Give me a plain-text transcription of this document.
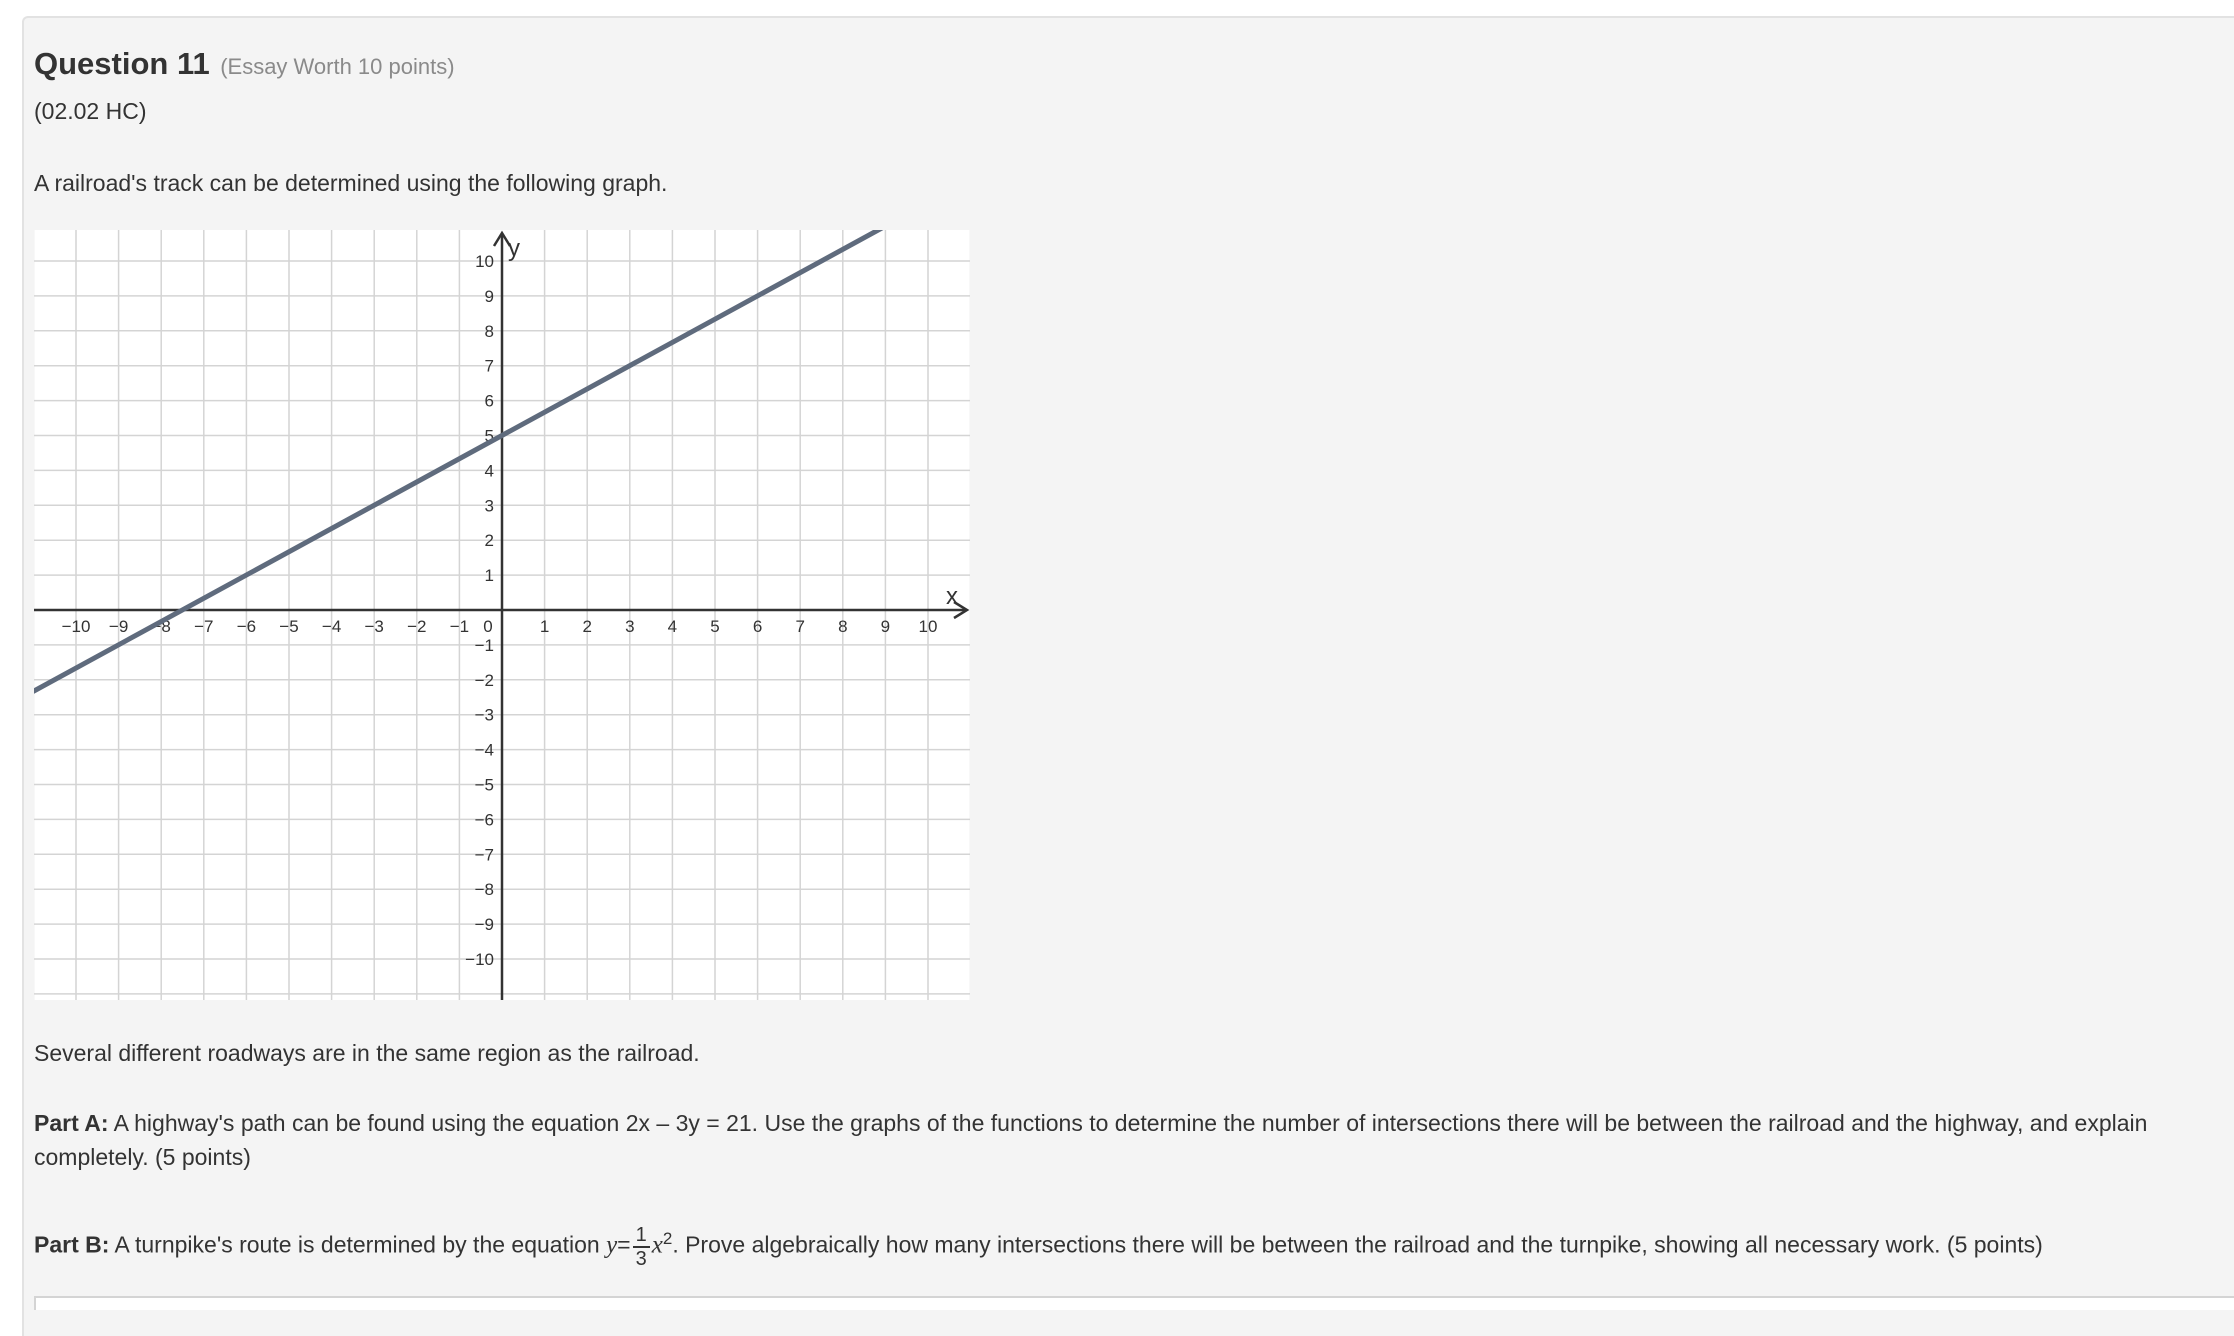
Question 11 (Essay Worth 10 points)
(02.02 HC)
A railroad's track can be determined using the following graph.
x
y
−10 −9 −8 −7 −6 −5 −4 −3 −2 −1	1 2 3 4 5 6 7 8 9 10
10
9
8
7
6
5
4
3
2
1
−1
−2
−3
−4
−5
−6
−7
−8
−9
−10
0
Several different roadways are in the same region as the railroad.
Part A: A highway's path can be found using the equation 2x – 3y = 21. Use the graphs of the functions to determine the number of intersections there will be between the railroad and the highway, and explain completely. (5 points)
Part B: A turnpike's route is determined by the equation $y= \frac{1}{3} x^2$. Prove algebraically how many intersections there will be between the railroad and the turnpike, showing all necessary work. (5 points)
